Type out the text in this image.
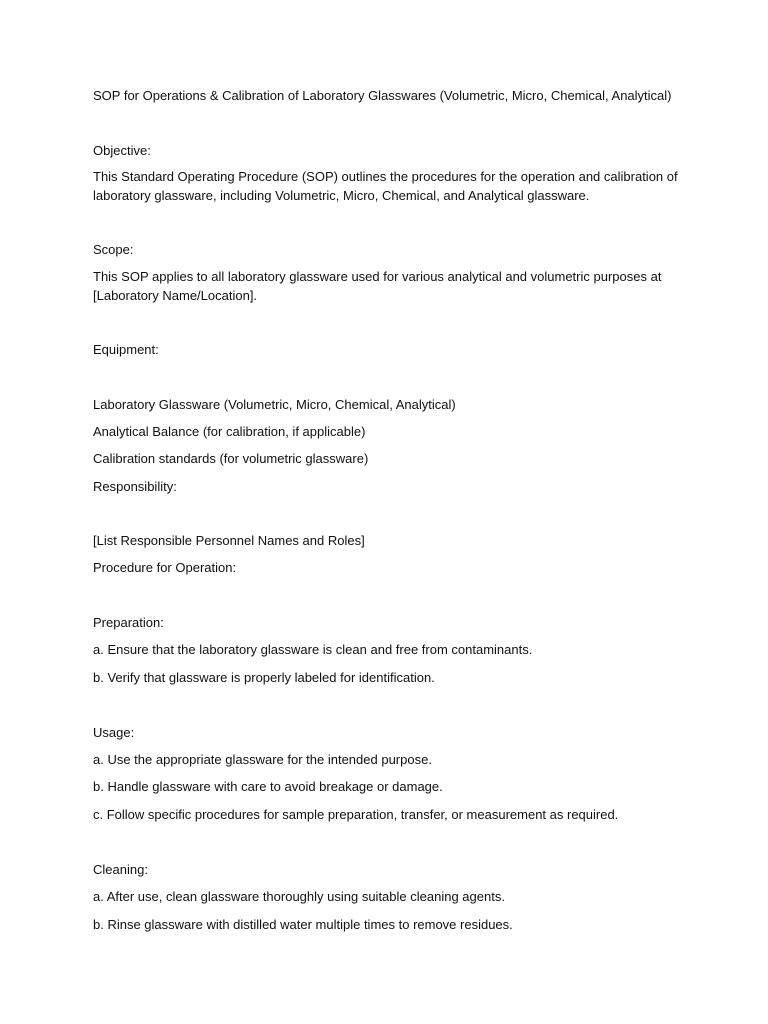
SOP for Operations & Calibration of Laboratory Glasswares (Volumetric, Micro, Chemical, Analytical)
Objective:
This Standard Operating Procedure (SOP) outlines the procedures for the operation and calibration of laboratory glassware, including Volumetric, Micro, Chemical, and Analytical glassware.
Scope:
This SOP applies to all laboratory glassware used for various analytical and volumetric purposes at [Laboratory Name/Location].
Equipment:
Laboratory Glassware (Volumetric, Micro, Chemical, Analytical)
Analytical Balance (for calibration, if applicable)
Calibration standards (for volumetric glassware)
Responsibility:
[List Responsible Personnel Names and Roles]
Procedure for Operation:
Preparation:
a. Ensure that the laboratory glassware is clean and free from contaminants.
b. Verify that glassware is properly labeled for identification.
Usage:
a. Use the appropriate glassware for the intended purpose.
b. Handle glassware with care to avoid breakage or damage.
c. Follow specific procedures for sample preparation, transfer, or measurement as required.
Cleaning:
a. After use, clean glassware thoroughly using suitable cleaning agents.
b. Rinse glassware with distilled water multiple times to remove residues.
